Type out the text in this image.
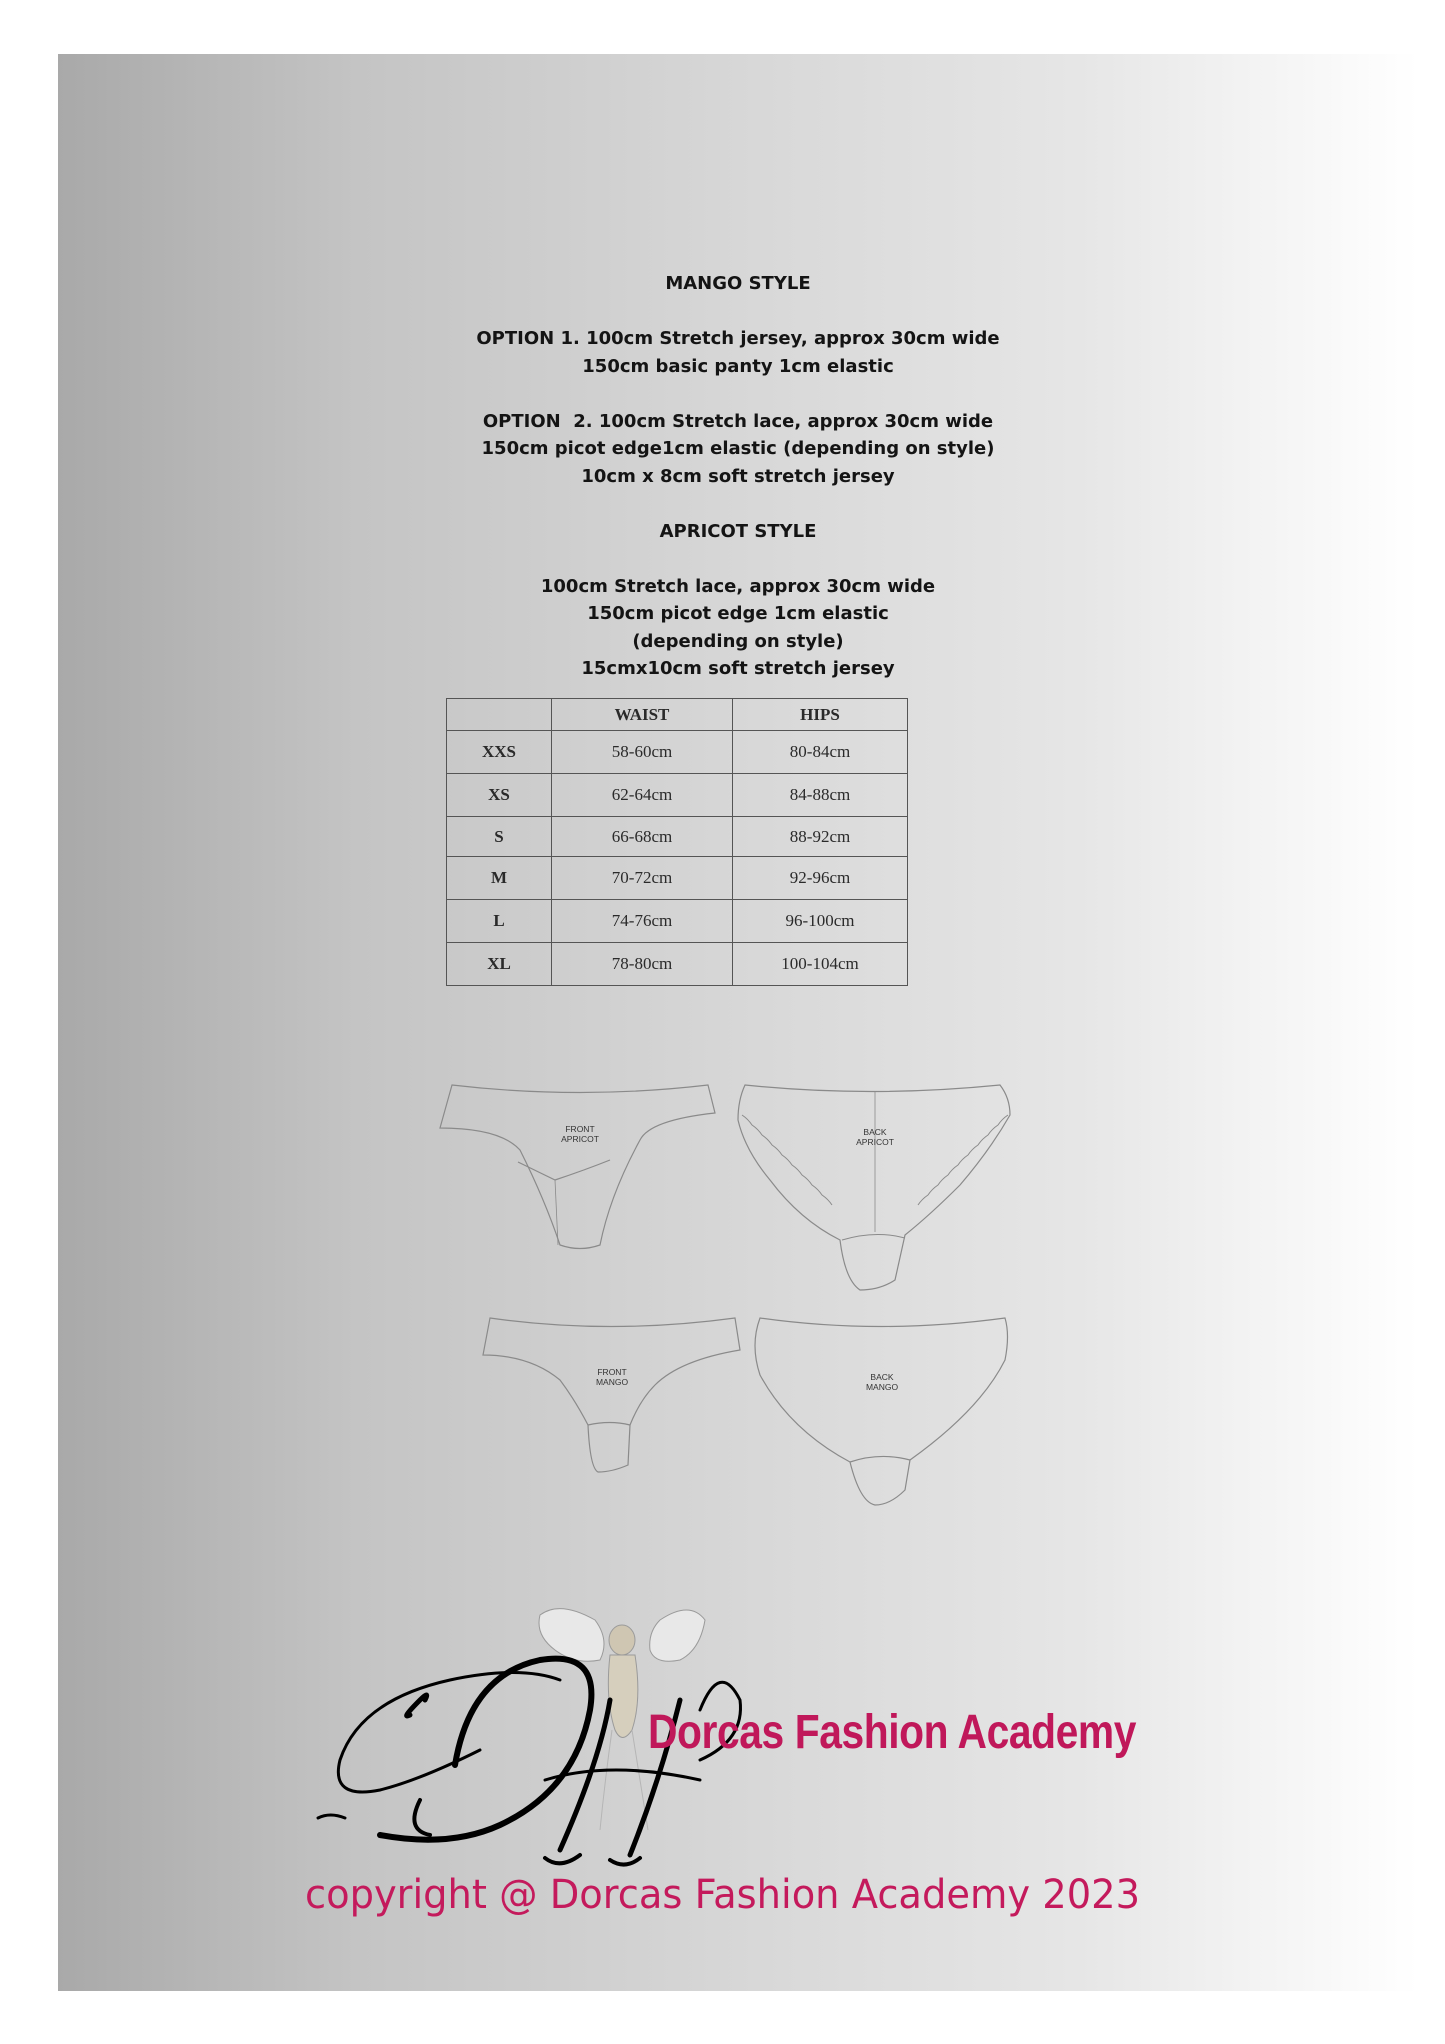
MANGO STYLE
OPTION 1. 100cm Stretch jersey, approx 30cm wide
150cm basic panty 1cm elastic
OPTION  2. 100cm Stretch lace, approx 30cm wide
150cm picot edge1cm elastic (depending on style)
10cm x 8cm soft stretch jersey
APRICOT STYLE
100cm Stretch lace, approx 30cm wide
150cm picot edge 1cm elastic
(depending on style)
15cmx10cm soft stretch jersey
	WAIST	HIPS
XXS	58-60cm	80-84cm
XS	62-64cm	84-88cm
S	66-68cm	88-92cm
M	70-72cm	92-96cm
L	74-76cm	96-100cm
XL	78-80cm	100-104cm
FRONT
APRICOT
BACK
APRICOT
FRONT
MANGO	BACK
MANGO
Dorcas Fashion Academy
copyright @ Dorcas Fashion Academy 2023
